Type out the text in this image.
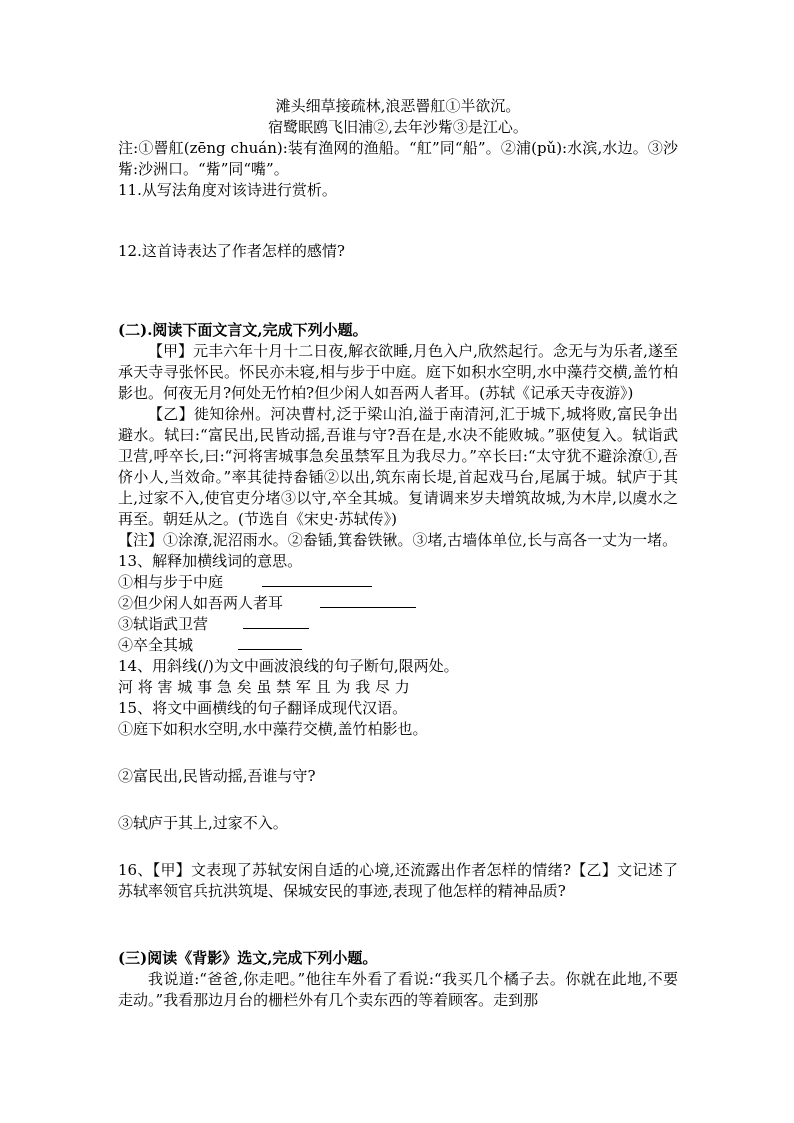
滩头细草接疏林,浪恶罾舡①半欲沉。
宿鹭眠鸥飞旧浦②,去年沙觜③是江心。
注:①罾舡(zēng chuán):装有渔网的渔船。“舡”同“船”。②浦(pǔ):水滨,水边。③沙觜:沙洲口。“觜”同“嘴”。
11.从写法角度对该诗进行赏析。
12.这首诗表达了作者怎样的感情?
(二).阅读下面文言文,完成下列小题。
【甲】元丰六年十月十二日夜,解衣欲睡,月色入户,欣然起行。念无与为乐者,遂至承天寺寻张怀民。怀民亦未寝,相与步于中庭。庭下如积水空明,水中藻荇交横,盖竹柏影也。何夜无月?何处无竹柏?但少闲人如吾两人者耳。(苏轼《记承天寺夜游》)
【乙】徙知徐州。河决曹村,泛于梁山泊,溢于南清河,汇于城下,城将败,富民争出避水。轼曰:“富民出,民皆动摇,吾谁与守?吾在是,水决不能败城。”驱使复入。轼诣武卫营,呼卒长,曰:“河将害城事急矣虽禁军且为我尽力。”卒长曰:“太守犹不避涂潦①,吾侪小人,当效命。”率其徒持畚锸②以出,筑东南长堤,首起戏马台,尾属于城。轼庐于其上,过家不入,使官吏分堵③以守,卒全其城。复请调来岁夫增筑故城,为木岸,以虞水之再至。朝廷从之。(节选自《宋史·苏轼传》)
【注】①涂潦,泥沼雨水。②畚锸,箕畚铁锹。③堵,古墙体单位,长与高各一丈为一堵。
13、解释加横线词的意思。
①相与步于中庭
②但少闲人如吾两人者耳
③轼诣武卫营
④卒全其城
14、用斜线(/)为文中画波浪线的句子断句,限两处。
河 将 害 城 事 急 矣 虽 禁 军 且 为 我 尽 力
15、将文中画横线的句子翻译成现代汉语。
①庭下如积水空明,水中藻荇交横,盖竹柏影也。
②富民出,民皆动摇,吾谁与守?
③轼庐于其上,过家不入。
16、【甲】文表现了苏轼安闲自适的心境,还流露出作者怎样的情绪?【乙】文记述了苏轼率领官兵抗洪筑堤、保城安民的事迹,表现了他怎样的精神品质?
(三)阅读《背影》选文,完成下列小题。
我说道:“爸爸,你走吧。”他往车外看了看说:“我买几个橘子去。你就在此地,不要走动。”我看那边月台的栅栏外有几个卖东西的等着顾客。走到那
